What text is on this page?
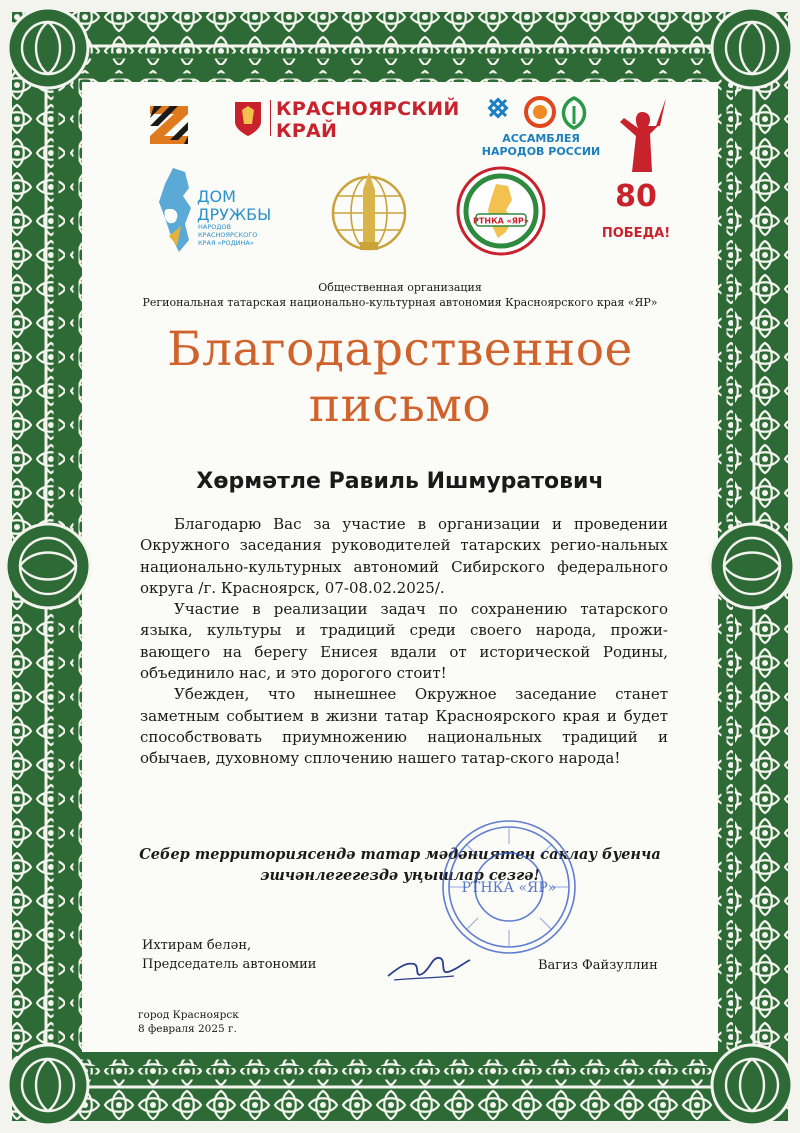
КРАСНОЯРСКИЙ
КРАЙ	АССАМБЛЕЯ
НАРОДОВ РОССИИ
ДОМ
ДРУЖБЫ
НАРОДОВ
КРАСНОЯРСКОГО
КРАЯ «РОДИНА»
РТНКА «ЯР»
80
ПОБЕДА!
Общественная организация
Региональная татарская национально-культурная автономия Красноярского края «ЯР»
Благодарственное
письмо
Хөрмәтле Равиль Ишмуратович

Благодарю Вас за участие в организации и проведении Окружного заседания руководителей татарских регио-нальных национально-культурных автономий Сибирского федерального округа /г. Красноярск, 07-08.02.2025/.

Участие в реализации задач по сохранению татарского языка, культуры и традиций среди своего народа, прожи-вающего на берегу Енисея вдали от исторической Родины, объединило нас, и это дорогого стоит!

Убежден, что нынешнее Окружное заседание станет заметным событием в жизни татар Красноярского края и будет способствовать приумножению национальных традиций и обычаев, духовному сплочению нашего татар-ского народа!

Себер территориясендә татар мәдәниятен саклау буенча
эшчәнлегегездә уңышлар сезгә!
РТНКА «ЯР»
Ихтирам белән,
Председатель автономии	Вагиз Файзуллин
город Красноярск
8 февраля 2025 г.
